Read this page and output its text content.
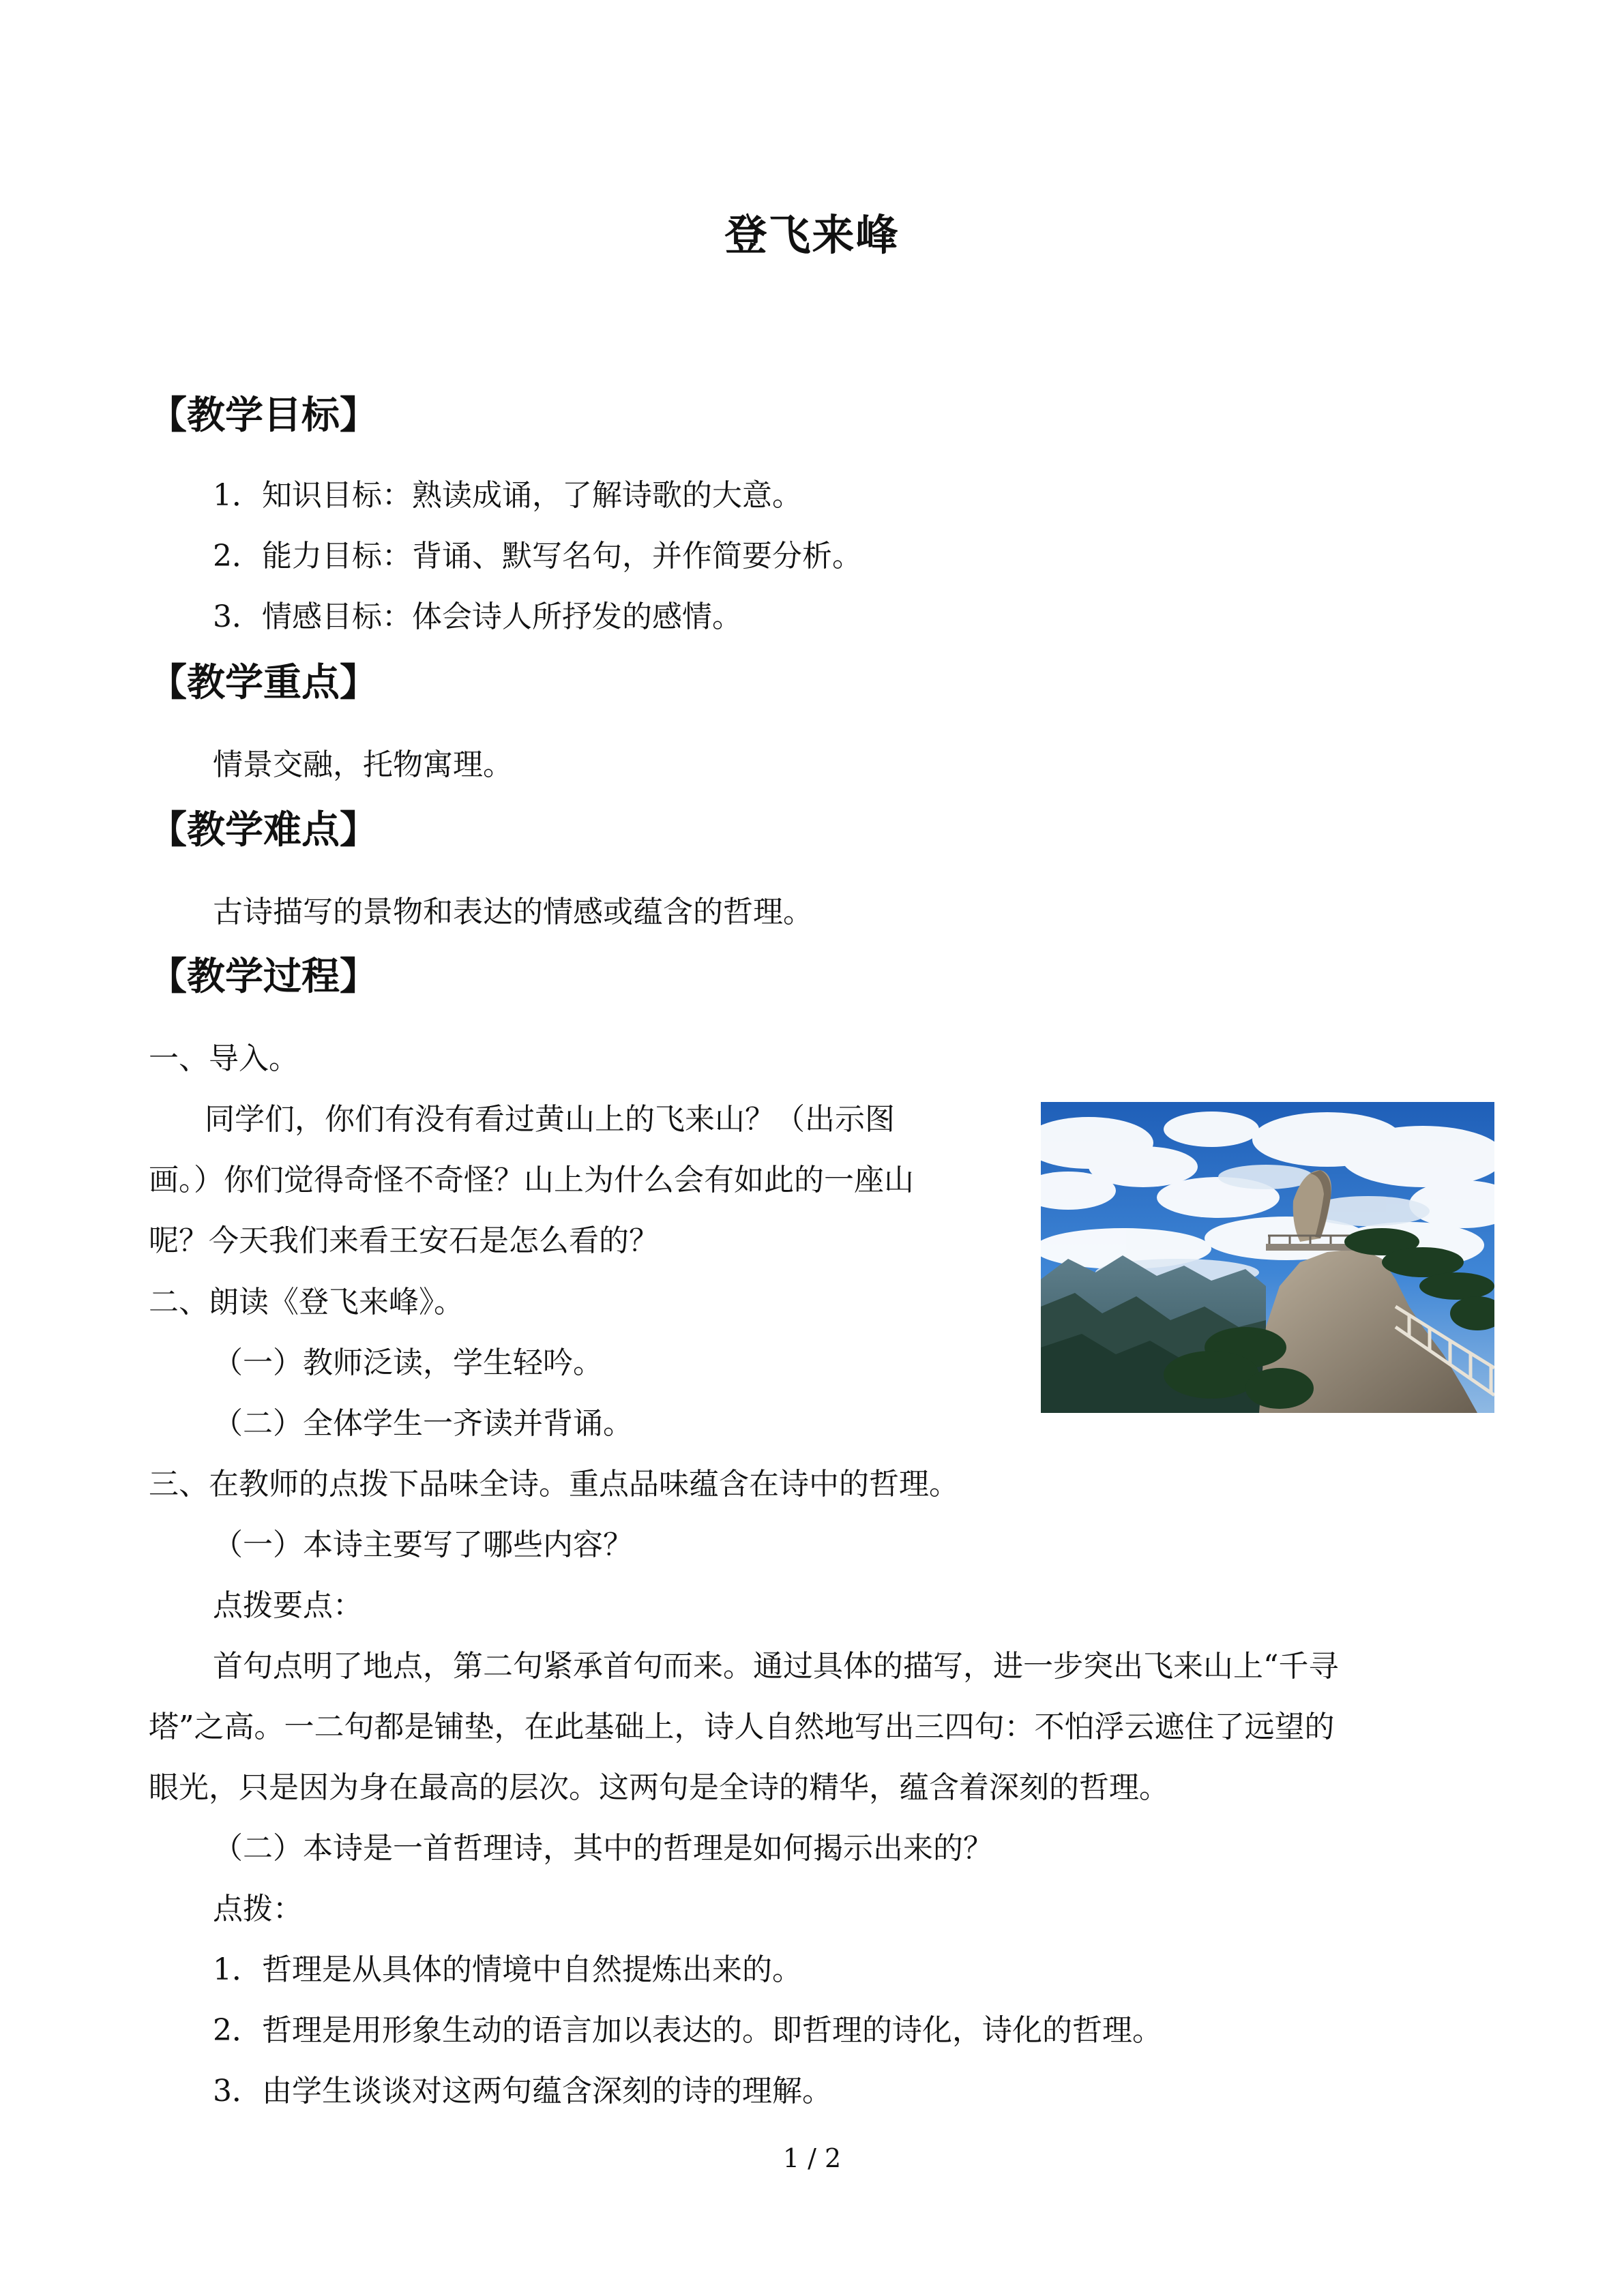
登飞来峰
【教学目标】
1．知识目标：熟读成诵，了解诗歌的大意。
2．能力目标：背诵、默写名句，并作简要分析。
3．情感目标：体会诗人所抒发的感情。
【教学重点】
情景交融，托物寓理。
【教学难点】
古诗描写的景物和表达的情感或蕴含的哲理。
【教学过程】
一、导入。
同学们，你们有没有看过黄山上的飞来山？（出示图
画。）你们觉得奇怪不奇怪？山上为什么会有如此的一座山
呢？今天我们来看王安石是怎么看的？
二、朗读《登飞来峰》。
（一）教师泛读，学生轻吟。
（二）全体学生一齐读并背诵。
三、在教师的点拨下品味全诗。重点品味蕴含在诗中的哲理。
（一）本诗主要写了哪些内容？
点拨要点：
首句点明了地点，第二句紧承首句而来。通过具体的描写，进一步突出飞来山上“千寻
塔”之高。一二句都是铺垫，在此基础上，诗人自然地写出三四句：不怕浮云遮住了远望的
眼光，只是因为身在最高的层次。这两句是全诗的精华，蕴含着深刻的哲理。
（二）本诗是一首哲理诗，其中的哲理是如何揭示出来的？
点拨：
1．哲理是从具体的情境中自然提炼出来的。
2．哲理是用形象生动的语言加以表达的。即哲理的诗化，诗化的哲理。
3．由学生谈谈对这两句蕴含深刻的诗的理解。
1 / 2
